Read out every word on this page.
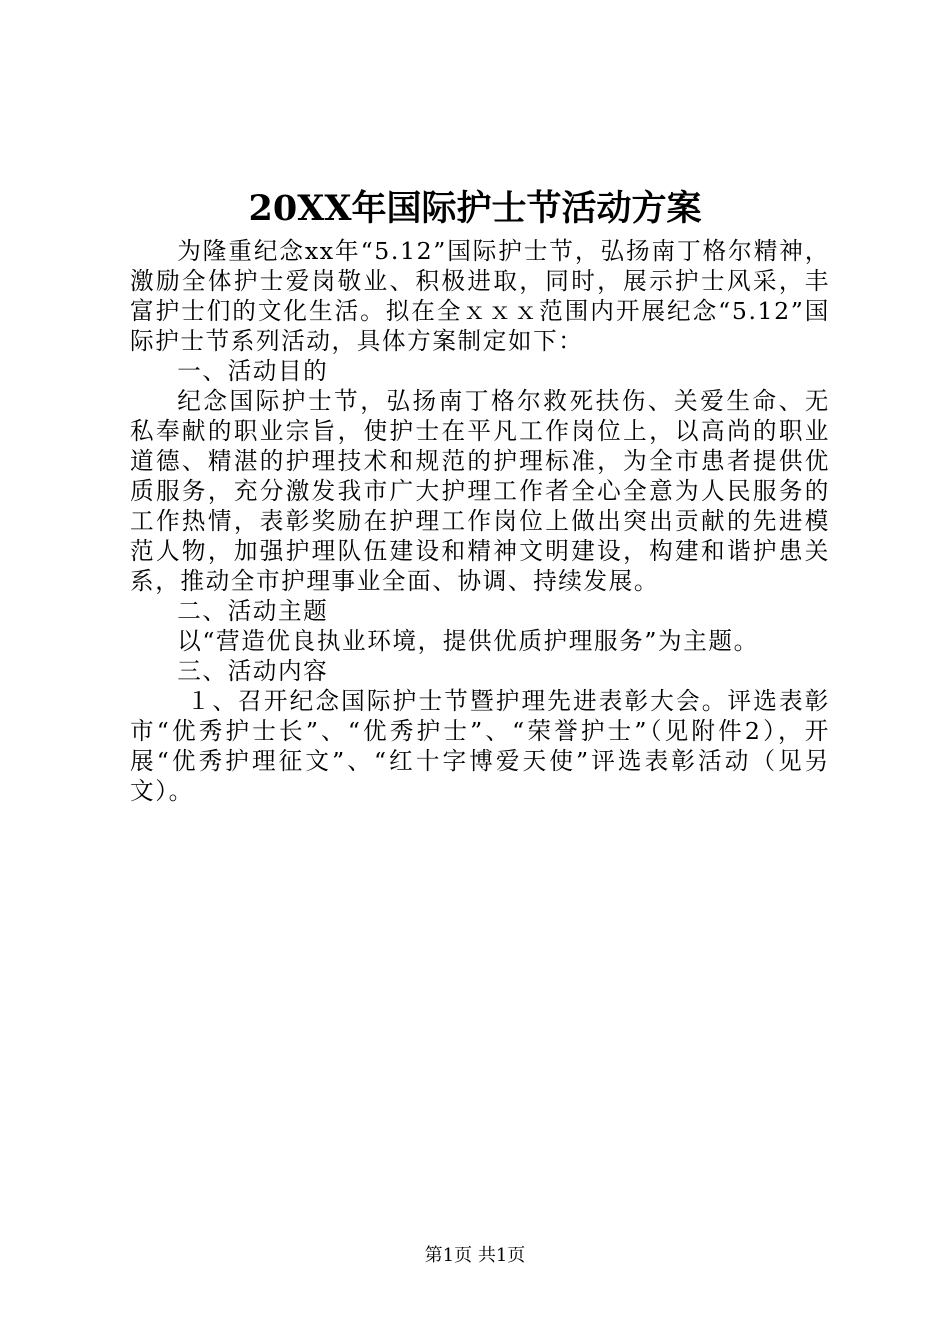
20XX年国际护士节活动方案

为隆重纪念xx年“5.12”国际护士节，弘扬南丁格尔精神，激励全体护士爱岗敬业、积极进取，同时，展示护士风采，丰富护士们的文化生活。拟在全ｘｘｘ范围内开展纪念“5.12”国际护士节系列活动，具体方案制定如下：

一、活动目的

纪念国际护士节，弘扬南丁格尔救死扶伤、关爱生命、无私奉献的职业宗旨，使护士在平凡工作岗位上，以高尚的职业道德、精湛的护理技术和规范的护理标准，为全市患者提供优质服务，充分激发我市广大护理工作者全心全意为人民服务的工作热情，表彰奖励在护理工作岗位上做出突出贡献的先进模范人物，加强护理队伍建设和精神文明建设，构建和谐护患关系，推动全市护理事业全面、协调、持续发展。

二、活动主题

以“营造优良执业环境，提供优质护理服务”为主题。

三、活动内容

１、召开纪念国际护士节暨护理先进表彰大会。评选表彰市“优秀护士长”、“优秀护士”、“荣誉护士”（见附件2），开展“优秀护理征文”、“红十字博爱天使”评选表彰活动（见另文）。

第1页 共1页
